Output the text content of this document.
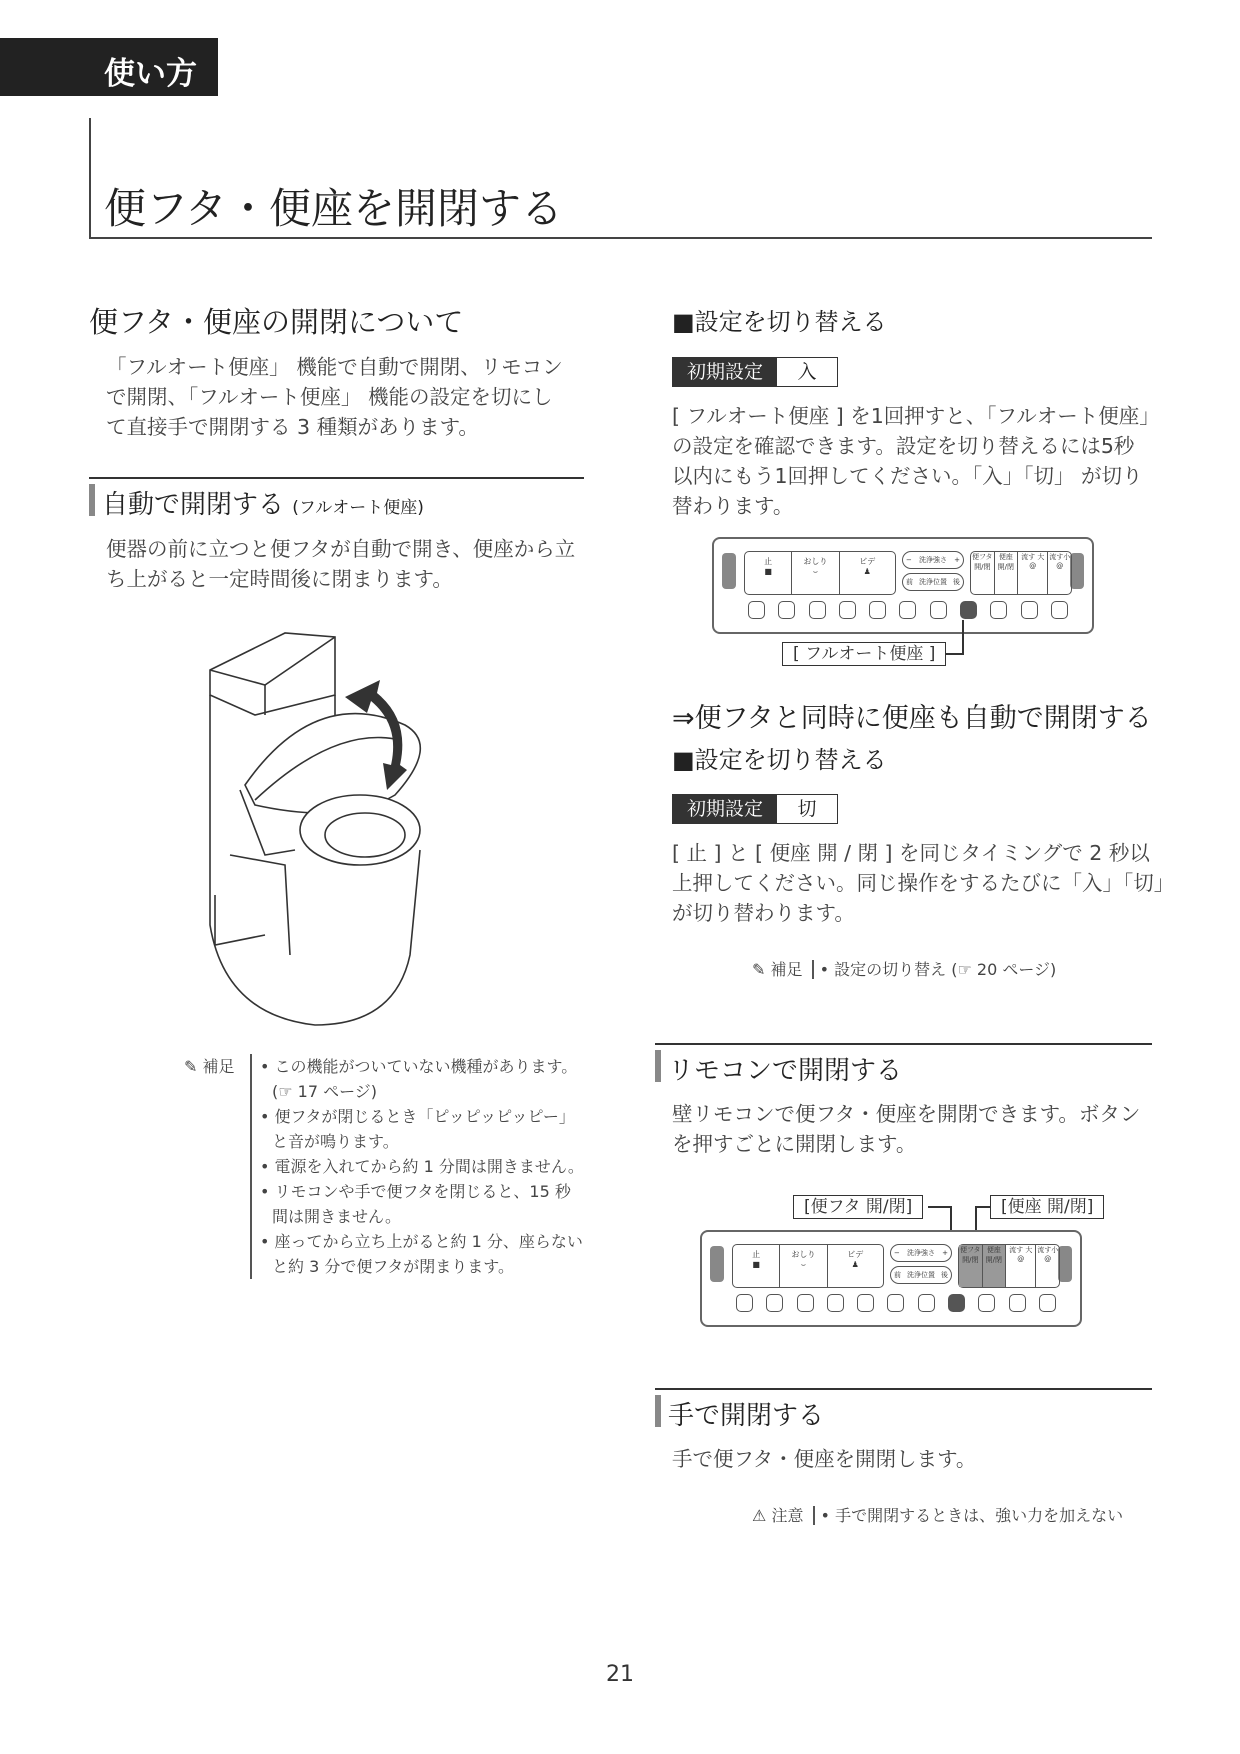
使い方
便フタ・便座を開閉する
便フタ・便座の開閉について
「フルオート便座」 機能で自動で開閉、リモコン
で開閉、「フルオート便座」 機能の設定を切にし
て直接手で開閉する 3 種類があります。
自動で開閉する (フルオート便座)
便器の前に立つと便フタが自動で開き、便座から立
ち上がると一定時間後に閉まります。
✎ 補足	• この機能がついていない機種があります。
(☞ 17 ページ)
• 便フタが閉じるとき「ピッピッピッピー」
と音が鳴ります。
• 電源を入れてから約 1 分間は開きません。
• リモコンや手で便フタを閉じると、15 秒
間は開きません。
• 座ってから立ち上がると約 1 分、座らない
と約 3 分で便フタが閉まります。
■設定を切り替える
初期設定	入
[ フルオート便座 ] を1回押すと、「フルオート便座」
の設定を確認できます。設定を切り替えるには5秒
以内にもう1回押してください。「入」「切」 が切り
替わります。
止
■
おしり
⌣
ビデ
♟
− 洗浄強さ +
前 洗浄位置 後
便フタ開/閉
便座開/閉
流す 大
@
流す小
@
[ フルオート便座 ]
⇒便フタと同時に便座も自動で開閉する
■設定を切り替える
初期設定	切
[ 止 ] と [ 便座 開 / 閉 ] を同じタイミングで 2 秒以
上押してください。同じ操作をするたびに「入」「切」
が切り替わります。
✎ 補足 • 設定の切り替え (☞ 20 ページ)
リモコンで開閉する
壁リモコンで便フタ・便座を開閉できます。ボタン
を押すごとに開閉します。
[便フタ 開/閉]	[便座 開/閉]
止
■
おしり
⌣
ビデ
♟
− 洗浄強さ +
前 洗浄位置 後
便フタ開/閉
便座開/閉
流す 大
@
流す小
@
手で開閉する
手で便フタ・便座を開閉します。
⚠ 注意 • 手で開閉するときは、強い力を加えない
21
